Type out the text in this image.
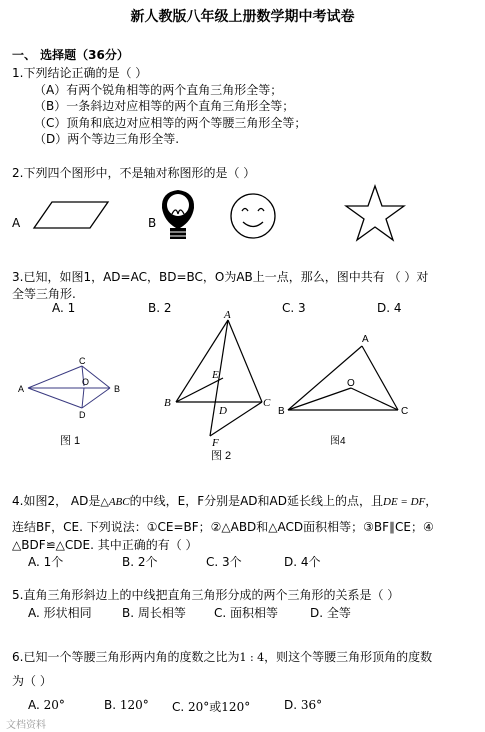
新人教版八年级上册数学期中考试卷
一、 选择题（36分）
1.下列结论正确的是（ ）
（A）有两个锐角相等的两个直角三角形全等；
（B）一条斜边对应相等的两个直角三角形全等；
（C）顶角和底边对应相等的两个等腰三角形全等；
（D）两个等边三角形全等.
2.下列四个图形中，不是轴对称图形的是（ ）
A	B
3.已知，如图1，AD=AC，BD=BC，O为AB上一点，那么，图中共有 （ ）对
全等三角形.
A. 1	B. 2	C. 3	D. 4
A	B
C
D
O
图 1
A
B	C
D
E
F
图 2
A
B	C
O
图4
4.如图2， AD是△ABC的中线，E，F分别是AD和AD延长线上的点，且DE = DF，
连结BF，CE. 下列说法：①CE=BF；②△ABD和△ACD面积相等；③BF∥CE；④
△BDF≌△CDE. 其中正确的有（ ）
A. 1个	B. 2个	C. 3个	D. 4个
5.直角三角形斜边上的中线把直角三角形分成的两个三角形的关系是（ ）
A. 形状相同	B. 周长相等 C. 面积相等	D. 全等
6.已知一个等腰三角形两内角的度数之比为1 : 4，则这个等腰三角形顶角的度数
为（ ）
A. 20°	B. 120° C. 20°或120°	D. 36°
文档资料
